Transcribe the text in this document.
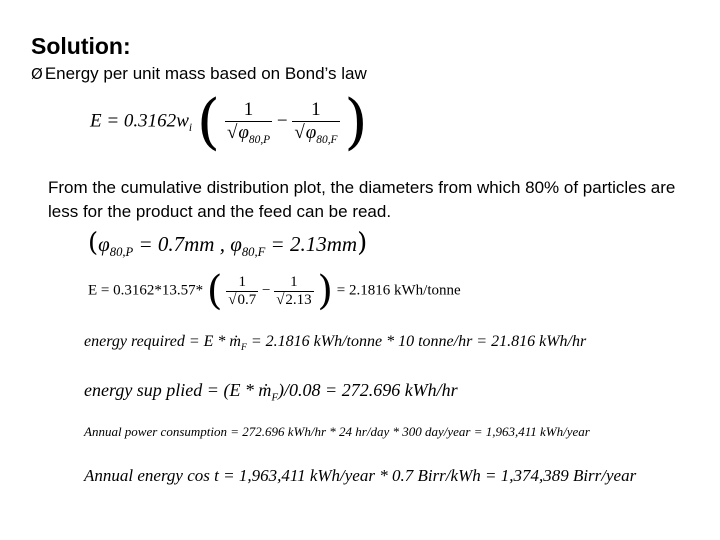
Solution:
Ø Energy per unit mass based on Bond’s law
$E = 0.3162w_i$ ( $\frac{1}{√\varphi_{80,P}} - \frac{1}{√\varphi_{80,F}}$ )
From the cumulative distribution plot, the diameters from which 80% of particles are less for the product and the feed can be read.
($\varphi_{80,P} = 0.7mm$ , $\varphi_{80,F} = 2.13mm$)
E = 0.3162*13.57* ( $\frac{1}{√0.7} - \frac{1}{√2.13}$ ) = 2.1816 kWh/tonne
energy required = E * ṁ$_F$ = 2.1816 kWh/tonne * 10 tonne/hr = 21.816 kWh/hr
energy sup plied = (E * ṁ$_F$)/0.08 = 272.696 kWh/hr
Annual power consumption = 272.696 kWh/hr * 24 hr/day * 300 day/year = 1,963,411 kWh/year
Annual energy cos t = 1,963,411 kWh/year * 0.7 Birr/kWh = 1,374,389 Birr/year
